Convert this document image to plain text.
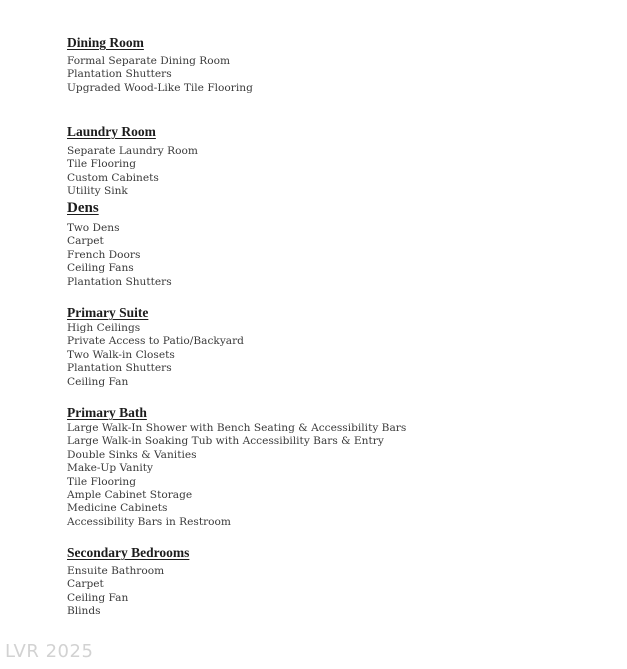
Dining Room
Formal Separate Dining Room
Plantation Shutters
Upgraded Wood-Like Tile Flooring
Laundry Room
Separate Laundry Room
Tile Flooring
Custom Cabinets
Utility Sink
Dens
Two Dens
Carpet
French Doors
Ceiling Fans
Plantation Shutters
Primary Suite
High Ceilings
Private Access to Patio/Backyard
Two Walk-in Closets
Plantation Shutters
Ceiling Fan
Primary Bath
Large Walk-In Shower with Bench Seating & Accessibility Bars
Large Walk-in Soaking Tub with Accessibility Bars & Entry
Double Sinks & Vanities
Make-Up Vanity
Tile Flooring
Ample Cabinet Storage
Medicine Cabinets
Accessibility Bars in Restroom
Secondary Bedrooms
Ensuite Bathroom
Carpet
Ceiling Fan
Blinds
LVR 2025
